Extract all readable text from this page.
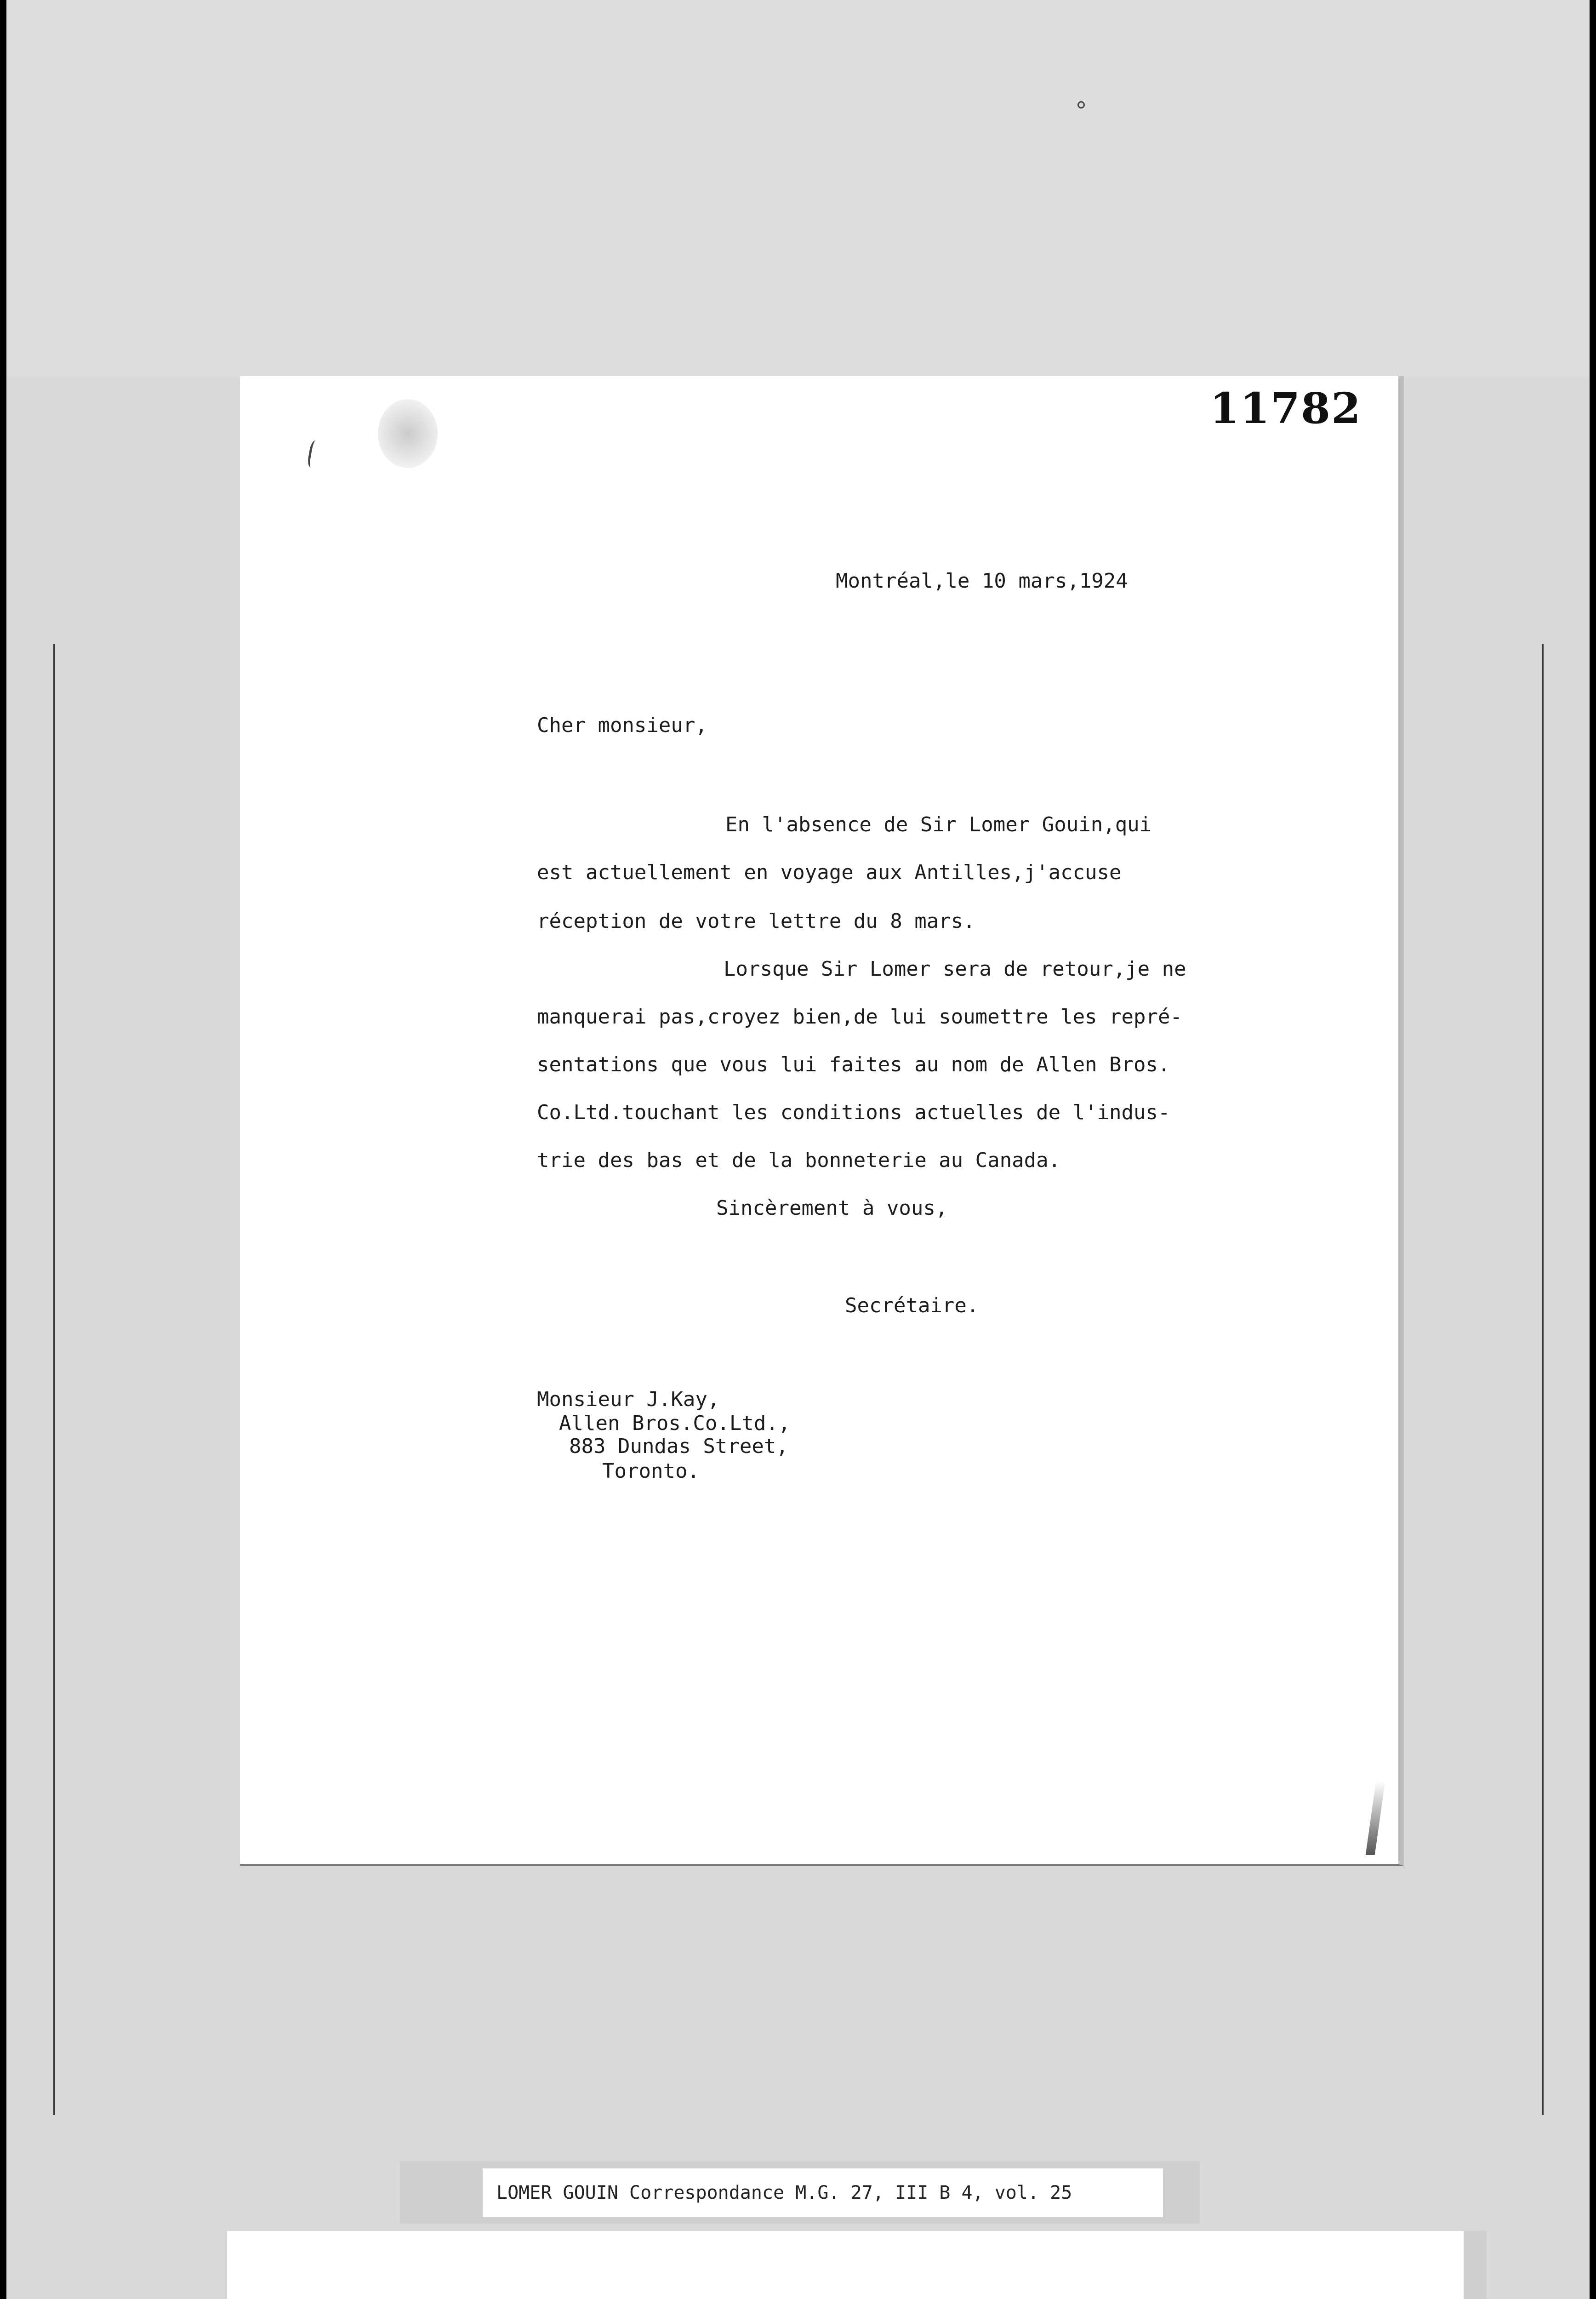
11782
Montréal,le 10 mars,1924
Cher monsieur,
En l'absence de Sir Lomer Gouin,qui
est actuellement en voyage aux Antilles,j'accuse
réception de votre lettre du 8 mars.
Lorsque Sir Lomer sera de retour,je ne
manquerai pas,croyez bien,de lui soumettre les repré-
sentations que vous lui faites au nom de Allen Bros.
Co.Ltd.touchant les conditions actuelles de l'indus-
trie des bas et de la bonneterie au Canada.
Sincèrement à vous,
Secrétaire.
Monsieur J.Kay,
Allen Bros.Co.Ltd.,
883 Dundas Street,
Toronto.
LOMER GOUIN Correspondance M.G. 27, III B 4, vol. 25
